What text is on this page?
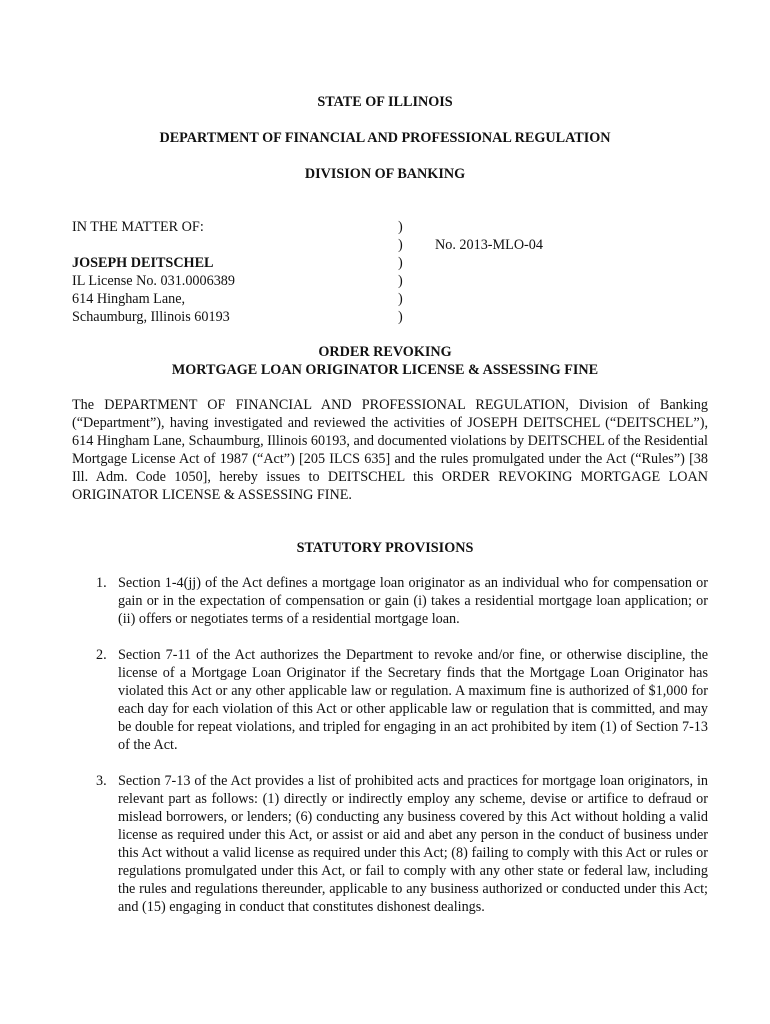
STATE OF ILLINOIS
DEPARTMENT OF FINANCIAL AND PROFESSIONAL REGULATION
DIVISION OF BANKING
IN THE MATTER OF:
JOSEPH DEITSCHEL
IL License No. 031.0006389
614 Hingham Lane,
Schaumburg, Illinois 60193
)
)
)
)
)
)
No. 2013-MLO-04
ORDER REVOKING
MORTGAGE LOAN ORIGINATOR LICENSE & ASSESSING FINE
The DEPARTMENT OF FINANCIAL AND PROFESSIONAL REGULATION, Division of Banking (“Department”), having investigated and reviewed the activities of JOSEPH DEITSCHEL (“DEITSCHEL”), 614 Hingham Lane, Schaumburg, Illinois 60193, and documented violations by DEITSCHEL of the Residential Mortgage License Act of 1987 (“Act”) [205 ILCS 635] and the rules promulgated under the Act (“Rules”) [38 Ill. Adm. Code 1050], hereby issues to DEITSCHEL this ORDER REVOKING MORTGAGE LOAN ORIGINATOR LICENSE & ASSESSING FINE.
STATUTORY PROVISIONS
1. Section 1-4(jj) of the Act defines a mortgage loan originator as an individual who for compensation or gain or in the expectation of compensation or gain (i) takes a residential mortgage loan application; or (ii) offers or negotiates terms of a residential mortgage loan.
2. Section 7-11 of the Act authorizes the Department to revoke and/or fine, or otherwise discipline, the license of a Mortgage Loan Originator if the Secretary finds that the Mortgage Loan Originator has violated this Act or any other applicable law or regulation. A maximum fine is authorized of $1,000 for each day for each violation of this Act or other applicable law or regulation that is committed, and may be double for repeat violations, and tripled for engaging in an act prohibited by item (1) of Section 7-13 of the Act.
3. Section 7-13 of the Act provides a list of prohibited acts and practices for mortgage loan originators, in relevant part as follows: (1) directly or indirectly employ any scheme, devise or artifice to defraud or mislead borrowers, or lenders; (6) conducting any business covered by this Act without holding a valid license as required under this Act, or assist or aid and abet any person in the conduct of business under this Act without a valid license as required under this Act; (8) failing to comply with this Act or rules or regulations promulgated under this Act, or fail to comply with any other state or federal law, including the rules and regulations thereunder, applicable to any business authorized or conducted under this Act; and (15) engaging in conduct that constitutes dishonest dealings.
